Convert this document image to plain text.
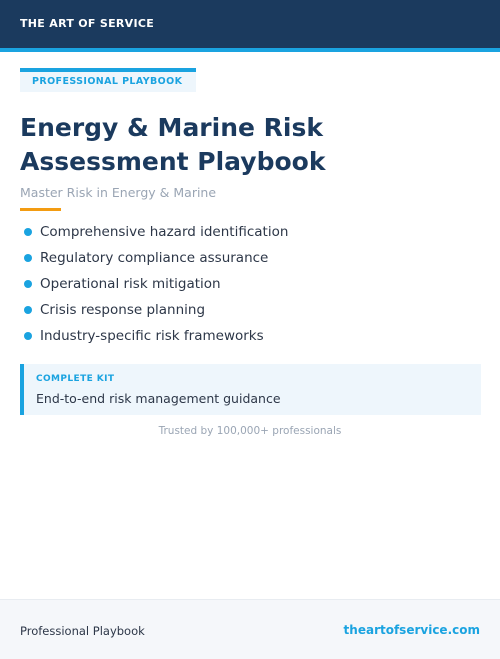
THE ART OF SERVICE
PROFESSIONAL PLAYBOOK
Energy & Marine Risk Assessment Playbook
Master Risk in Energy & Marine
Comprehensive hazard identification
Regulatory compliance assurance
Operational risk mitigation
Crisis response planning
Industry-specific risk frameworks
COMPLETE KIT
End-to-end risk management guidance
Trusted by 100,000+ professionals
Professional Playbook	theartofservice.com
